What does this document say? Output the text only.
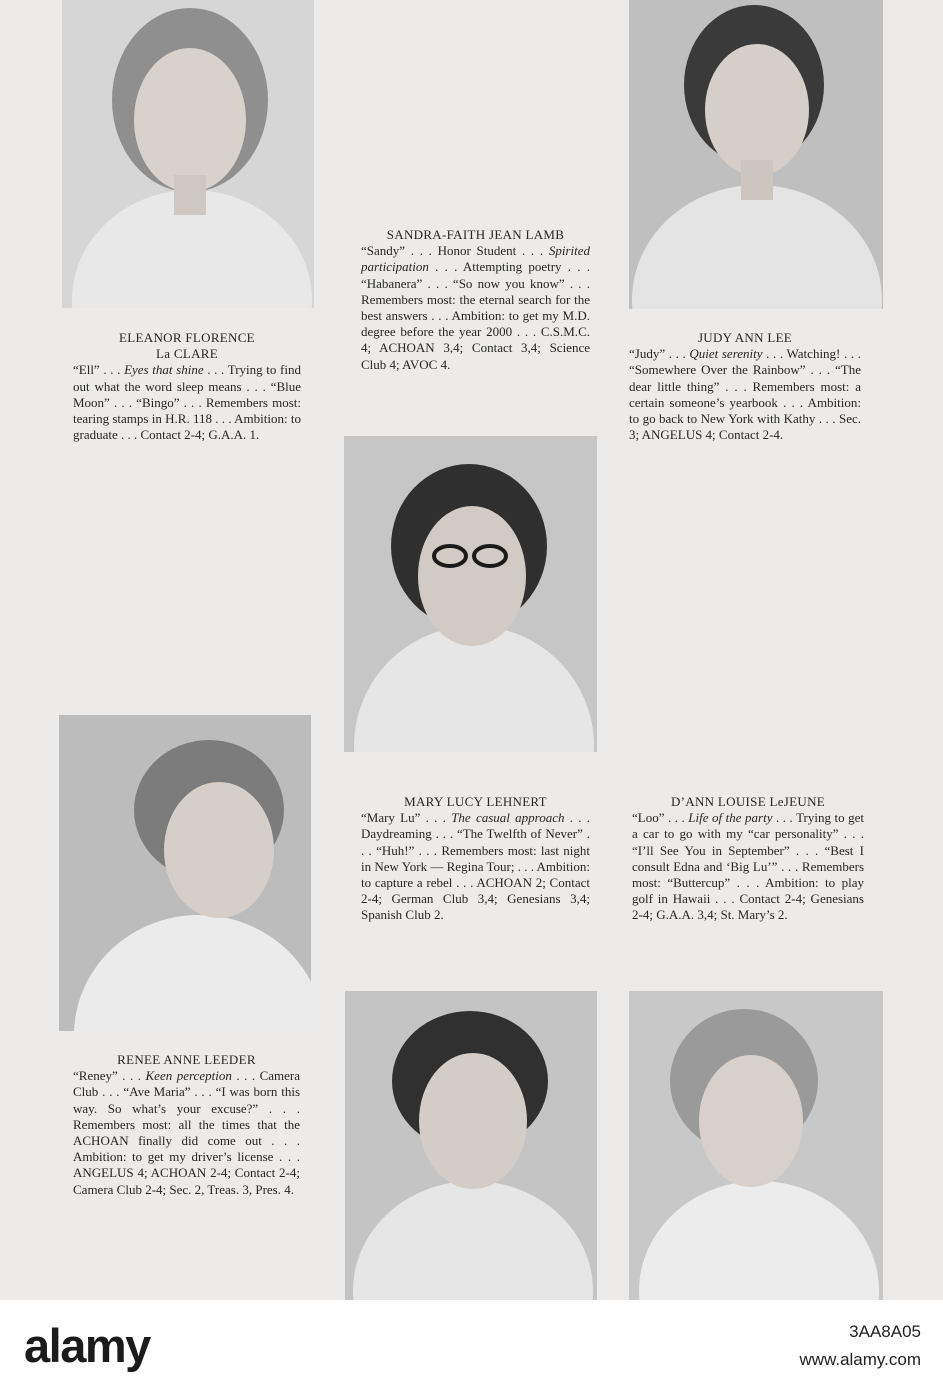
ELEANOR FLORENCE
La CLARE
“Ell” . . . Eyes that shine . . . Trying to find out what the word sleep means . . . “Blue Moon” . . . “Bingo” . . . Remembers most: tearing stamps in H.R. 118 . . . Ambition: to graduate . . . Contact 2-4; G.A.A. 1.
SANDRA-FAITH JEAN LAMB
“Sandy” . . . Honor Student . . . Spirited participation . . . Attempting poetry . . . “Habanera” . . . “So now you know” . . . Remembers most: the eternal search for the best answers . . . Ambition: to get my M.D. degree before the year 2000 . . . C.S.M.C. 4; ACHOAN 3,4; Contact 3,4; Science Club 4; AVOC 4.
JUDY ANN LEE
“Judy” . . . Quiet serenity . . . Watching! . . . “Somewhere Over the Rainbow” . . . “The dear little thing” . . . Remembers most: a certain someone’s yearbook . . . Ambition: to go back to New York with Kathy . . . Sec. 3; ANGELUS 4; Contact 2-4.
RENEE ANNE LEEDER
“Reney” . . . Keen perception . . . Camera Club . . . “Ave Maria” . . . “I was born this way. So what’s your excuse?” . . . Remembers most: all the times that the ACHOAN finally did come out . . . Ambition: to get my driver’s license . . . ANGELUS 4; ACHOAN 2-4; Contact 2-4; Camera Club 2-4; Sec. 2, Treas. 3, Pres. 4.
MARY LUCY LEHNERT
“Mary Lu” . . . The casual approach . . . Daydreaming . . . “The Twelfth of Never” . . . “Huh!” . . . Remembers most: last night in New York — Regina Tour; . . . Ambition: to capture a rebel . . . ACHOAN 2; Contact 2-4; German Club 3,4; Genesians 3,4; Spanish Club 2.
D’ANN LOUISE LeJEUNE
“Loo” . . . Life of the party . . . Trying to get a car to go with my “car personality” . . . “I’ll See You in September” . . . “Best I consult Edna and ‘Big Lu’” . . . Remembers most: “Buttercup” . . . Ambition: to play golf in Hawaii . . . Contact 2-4; Genesians 2-4; G.A.A. 3,4; St. Mary’s 2.
alamy	3AA8A05
www.alamy.com
